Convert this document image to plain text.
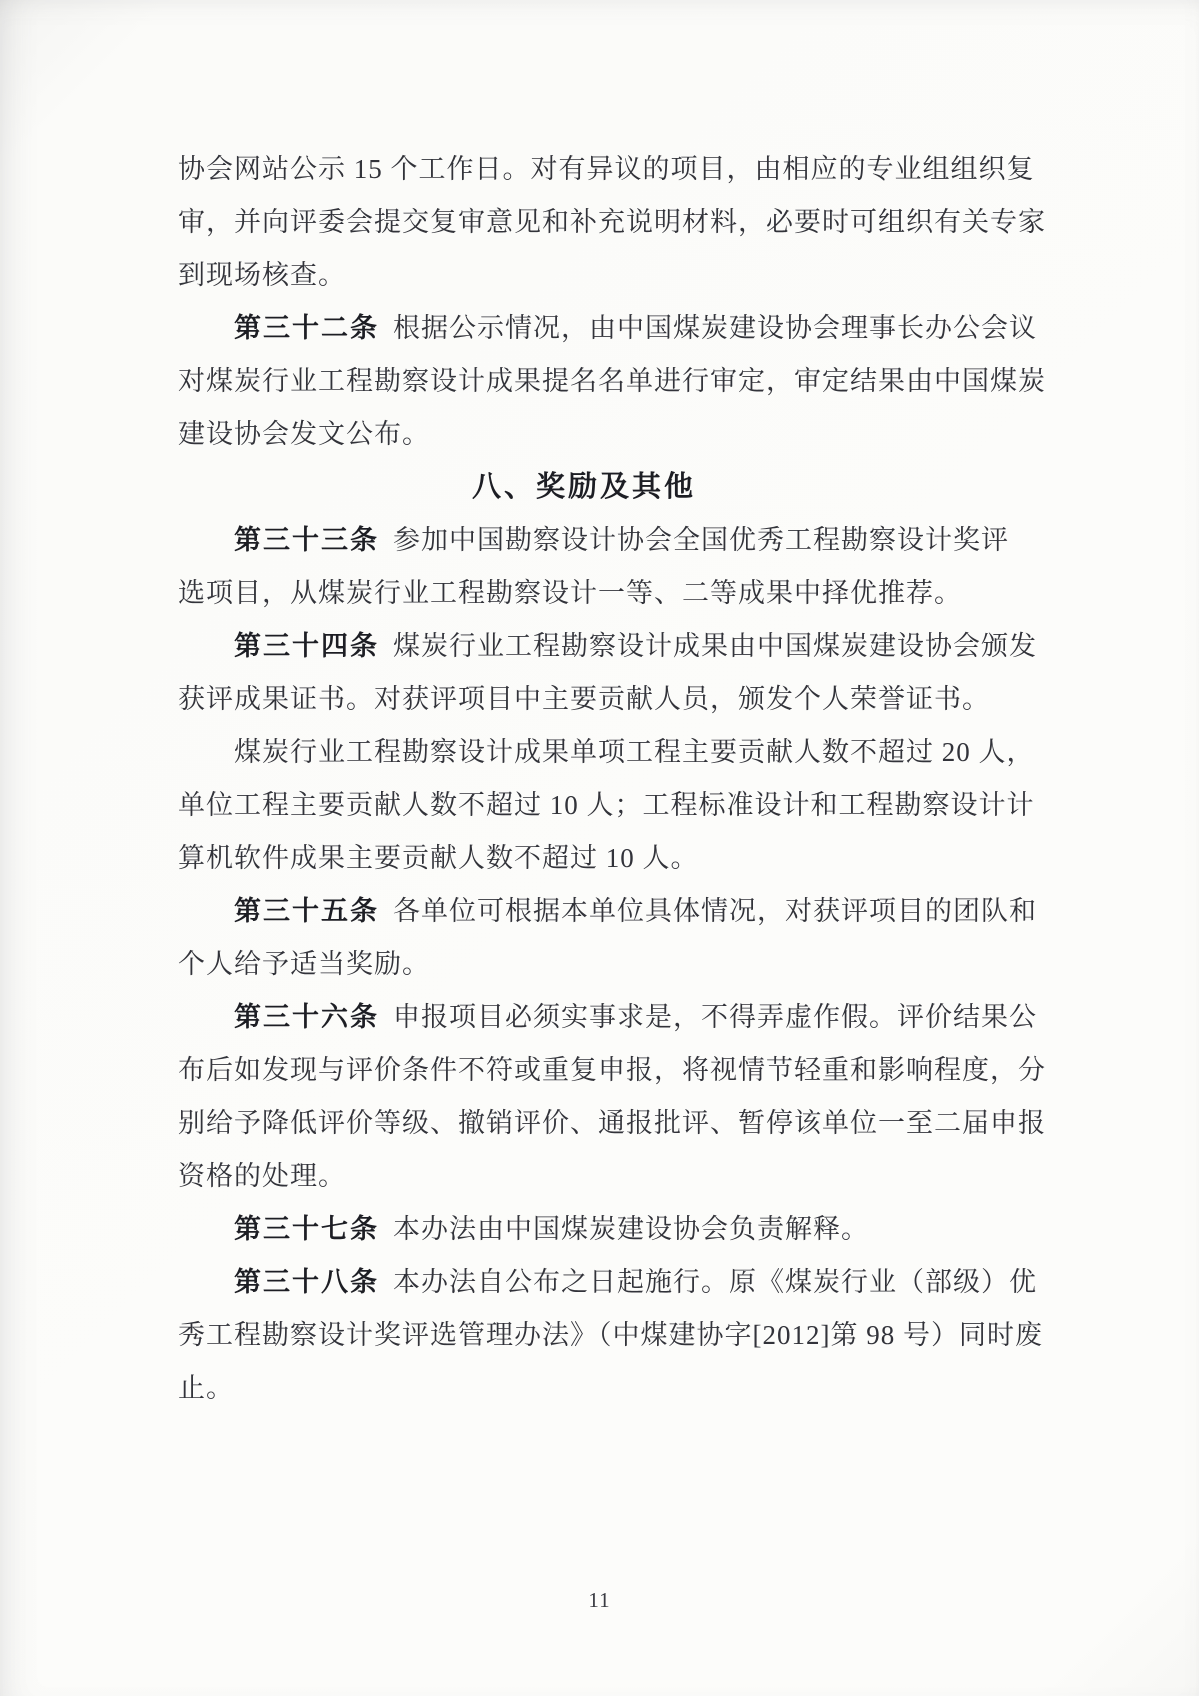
协会网站公示 15 个工作日。对有异议的项目，由相应的专业组组织复
审，并向评委会提交复审意见和补充说明材料，必要时可组织有关专家
到现场核查。
第三十二条 根据公示情况，由中国煤炭建设协会理事长办公会议
对煤炭行业工程勘察设计成果提名名单进行审定，审定结果由中国煤炭
建设协会发文公布。
八、奖励及其他
第三十三条 参加中国勘察设计协会全国优秀工程勘察设计奖评
选项目，从煤炭行业工程勘察设计一等、二等成果中择优推荐。
第三十四条 煤炭行业工程勘察设计成果由中国煤炭建设协会颁发
获评成果证书。对获评项目中主要贡献人员，颁发个人荣誉证书。
煤炭行业工程勘察设计成果单项工程主要贡献人数不超过 20 人，
单位工程主要贡献人数不超过 10 人；工程标准设计和工程勘察设计计
算机软件成果主要贡献人数不超过 10 人。
第三十五条 各单位可根据本单位具体情况，对获评项目的团队和
个人给予适当奖励。
第三十六条 申报项目必须实事求是，不得弄虚作假。评价结果公
布后如发现与评价条件不符或重复申报，将视情节轻重和影响程度，分
别给予降低评价等级、撤销评价、通报批评、暂停该单位一至二届申报
资格的处理。
第三十七条 本办法由中国煤炭建设协会负责解释。
第三十八条 本办法自公布之日起施行。原《煤炭行业（部级）优
秀工程勘察设计奖评选管理办法》（中煤建协字[2012]第 98 号）同时废
止。
11
